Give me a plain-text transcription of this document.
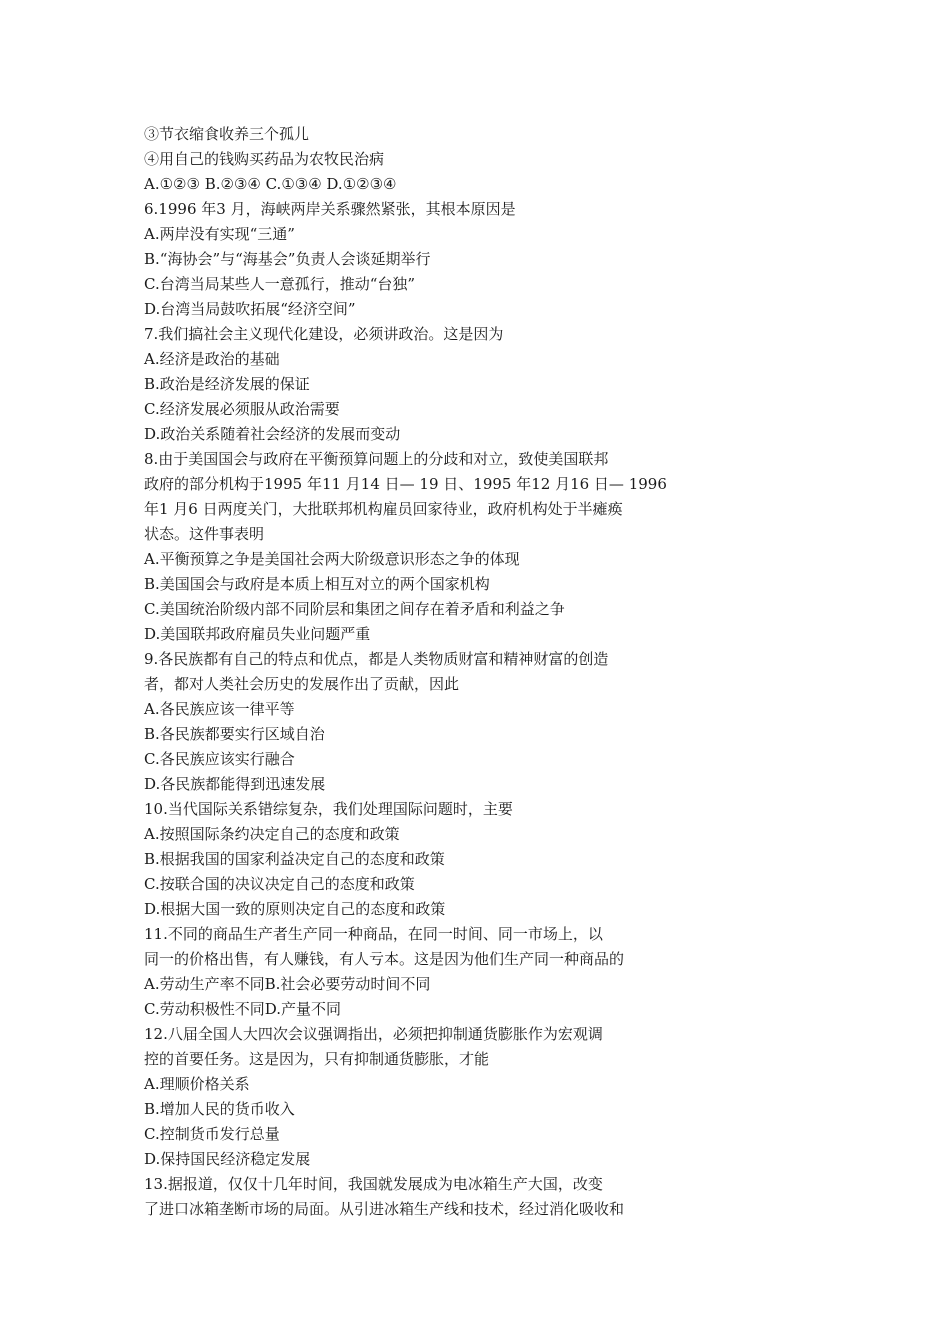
③节衣缩食收养三个孤儿
④用自己的钱购买药品为农牧民治病
A.①②③ B.②③④ C.①③④ D.①②③④
6.1996 年3 月，海峡两岸关系骤然紧张，其根本原因是
A.两岸没有实现“三通”
B.“海协会”与“海基会”负责人会谈延期举行
C.台湾当局某些人一意孤行，推动“台独”
D.台湾当局鼓吹拓展“经济空间”
7.我们搞社会主义现代化建设，必须讲政治。这是因为
A.经济是政治的基础
B.政治是经济发展的保证
C.经济发展必须服从政治需要
D.政治关系随着社会经济的发展而变动
8.由于美国国会与政府在平衡预算问题上的分歧和对立，致使美国联邦
政府的部分机构于1995 年11 月14 日— 19 日、1995 年12 月16 日— 1996
年1 月6 日两度关门，大批联邦机构雇员回家待业，政府机构处于半瘫痪
状态。这件事表明
A.平衡预算之争是美国社会两大阶级意识形态之争的体现
B.美国国会与政府是本质上相互对立的两个国家机构
C.美国统治阶级内部不同阶层和集团之间存在着矛盾和利益之争
D.美国联邦政府雇员失业问题严重
9.各民族都有自己的特点和优点，都是人类物质财富和精神财富的创造
者，都对人类社会历史的发展作出了贡献，因此
A.各民族应该一律平等
B.各民族都要实行区域自治
C.各民族应该实行融合
D.各民族都能得到迅速发展
10.当代国际关系错综复杂，我们处理国际问题时，主要
A.按照国际条约决定自己的态度和政策
B.根据我国的国家利益决定自己的态度和政策
C.按联合国的决议决定自己的态度和政策
D.根据大国一致的原则决定自己的态度和政策
11.不同的商品生产者生产同一种商品，在同一时间、同一市场上，以
同一的价格出售，有人赚钱，有人亏本。这是因为他们生产同一种商品的
A.劳动生产率不同B.社会必要劳动时间不同
C.劳动积极性不同D.产量不同
12.八届全国人大四次会议强调指出，必须把抑制通货膨胀作为宏观调
控的首要任务。这是因为，只有抑制通货膨胀，才能
A.理顺价格关系
B.增加人民的货币收入
C.控制货币发行总量
D.保持国民经济稳定发展
13.据报道，仅仅十几年时间，我国就发展成为电冰箱生产大国，改变
了进口冰箱垄断市场的局面。从引进冰箱生产线和技术，经过消化吸收和
